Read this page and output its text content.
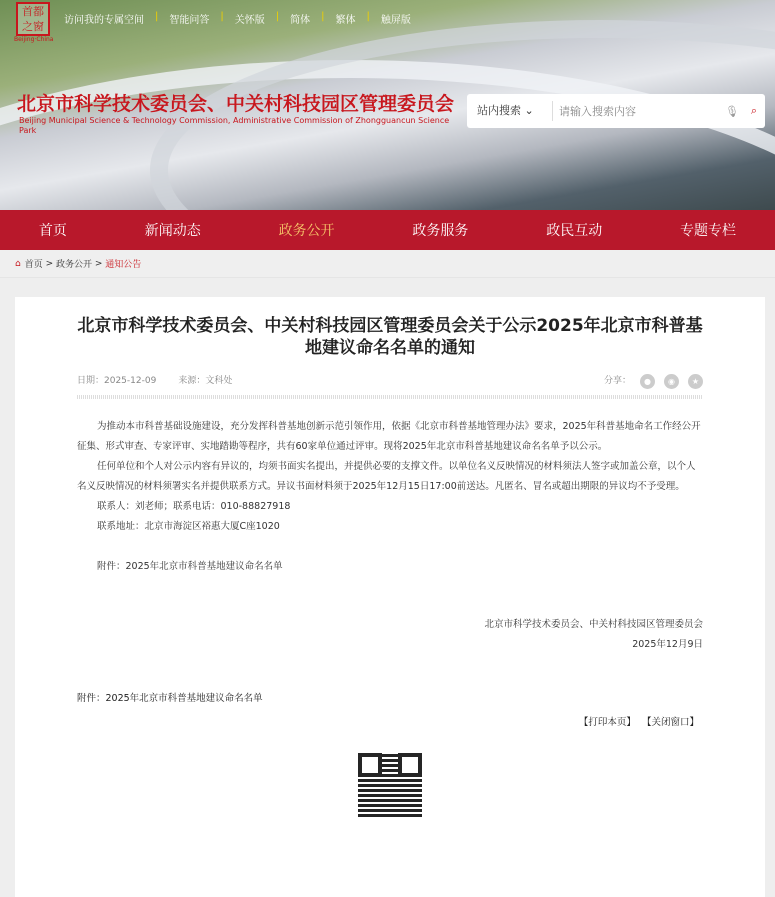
首都
之窗
Beijing·China
访问我的专属空间 | 智能问答 | 关怀版 | 简体 | 繁体 | 触屏版
北京市科学技术委员会、中关村科技园区管理委员会
Beijing Municipal Science & Technology Commission, Administrative Commission of Zhongguancun Science Park
站内搜索 ⌄	请输入搜索内容	🎙	⌕
首页	新闻动态	政务公开	政务服务	政民互动	专题专栏
⌂ 首页 > 政务公开 > 通知公告
北京市科学技术委员会、中关村科技园区管理委员会关于公示2025年北京市科普基地建议命名名单的通知
日期：2025-12-09 来源：文科处	分享：	●	◉	★

为推动本市科普基础设施建设，充分发挥科普基地创新示范引领作用，依据《北京市科普基地管理办法》要求，2025年科普基地命名工作经公开征集、形式审查、专家评审、实地踏勘等程序，共有60家单位通过评审。现将2025年北京市科普基地建议命名名单予以公示。

任何单位和个人对公示内容有异议的，均须书面实名提出，并提供必要的支撑文件。以单位名义反映情况的材料须法人签字或加盖公章，以个人名义反映情况的材料须署实名并提供联系方式。异议书面材料须于2025年12月15日17:00前送达。凡匿名、冒名或超出期限的异议均不予受理。

联系人：刘老师；联系电话：010-88827918

联系地址：北京市海淀区裕惠大厦C座1020

附件：2025年北京市科普基地建议命名名单

北京市科学技术委员会、中关村科技园区管理委员会
2025年12月9日
附件：2025年北京市科普基地建议命名名单
【打印本页】 【关闭窗口】
